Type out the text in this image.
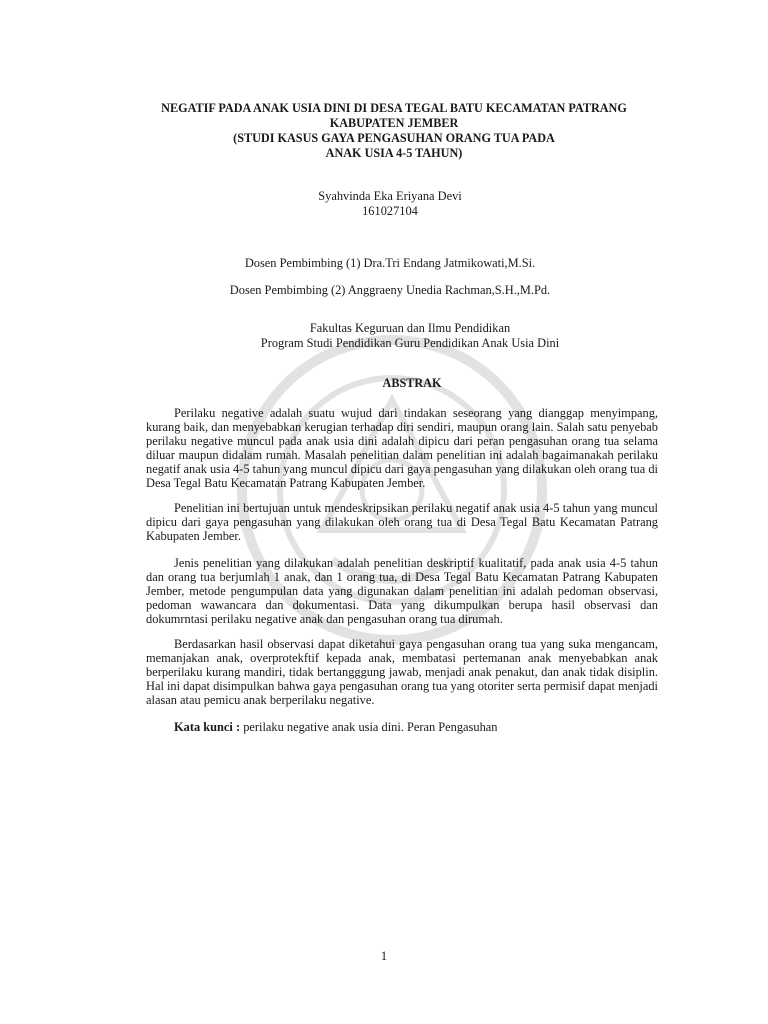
NEGATIF PADA ANAK USIA DINI DI DESA TEGAL BATU KECAMATAN PATRANG
KABUPATEN JEMBER
(STUDI KASUS GAYA PENGASUHAN ORANG TUA PADA
ANAK USIA 4-5 TAHUN)
Syahvinda Eka Eriyana Devi
161027104
Dosen Pembimbing (1) Dra.Tri Endang Jatmikowati,M.Si.
Dosen Pembimbing (2) Anggraeny Unedia Rachman,S.H.,M.Pd.
Fakultas Keguruan dan Ilmu Pendidikan
Program Studi Pendidikan Guru Pendidikan Anak Usia Dini
ABSTRAK

Perilaku negative adalah suatu wujud dari tindakan seseorang yang dianggap menyimpang, kurang baik, dan menyebabkan kerugian terhadap diri sendiri, maupun orang lain. Salah satu penyebab perilaku negative muncul pada anak usia dini adalah dipicu dari peran pengasuhan orang tua selama diluar maupun didalam rumah. Masalah penelitian dalam penelitian ini adalah bagaimanakah perilaku negatif anak usia 4-5 tahun yang muncul dipicu dari gaya pengasuhan yang dilakukan oleh orang tua di Desa Tegal Batu Kecamatan Patrang Kabupaten Jember.

Penelitian ini bertujuan untuk mendeskripsikan perilaku negatif anak usia 4-5 tahun yang muncul dipicu dari gaya pengasuhan yang dilakukan oleh orang tua di Desa Tegal Batu Kecamatan Patrang Kabupaten Jember.

Jenis penelitian yang dilakukan adalah penelitian deskriptif kualitatif, pada anak usia 4-5 tahun dan orang tua berjumlah 1 anak, dan 1 orang tua, di Desa Tegal Batu Kecamatan Patrang Kabupaten Jember, metode pengumpulan data yang digunakan dalam penelitian ini adalah pedoman observasi, pedoman wawancara dan dokumentasi. Data yang dikumpulkan berupa hasil observasi dan dokumrntasi perilaku negative anak dan pengasuhan orang tua dirumah.

Berdasarkan hasil observasi dapat diketahui gaya pengasuhan orang tua yang suka mengancam, memanjakan anak, overprotekftif kepada anak, membatasi pertemanan anak menyebabkan anak berperilaku kurang mandiri, tidak bertangggung jawab, menjadi anak penakut, dan anak tidak disiplin. Hal ini dapat disimpulkan bahwa gaya pengasuhan orang tua yang otoriter serta permisif dapat menjadi alasan atau pemicu anak berperilaku negative.

Kata kunci : perilaku negative anak usia dini. Peran Pengasuhan

1
